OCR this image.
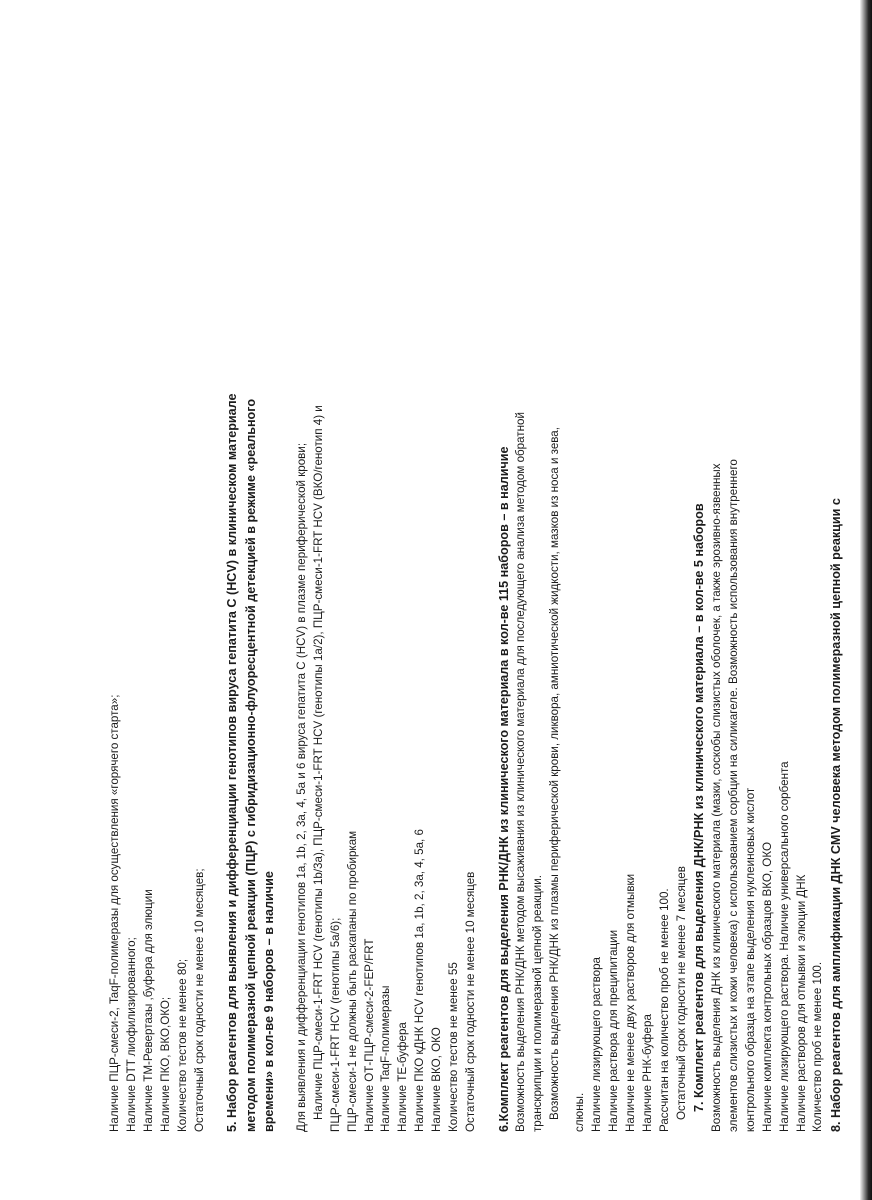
Наличие ПЦР-смеси-2, TaqF-полимеразы для осуществления «горячего старта»; Наличие DTT лиофилизированного; Наличие ТМ-Ревертазы ,буфера для элюции Наличие ПКО, ВКО,ОКО; Количество тестов не менее 80; Остаточный срок годности не менее 10 месяцев; 5. Набор реагентов для выявления и дифференциации генотипов вируса гепатита С (HCV) в клиническом материале методом полимеразной цепной реакции (ПЦР) с гибридизационно-флуоресцентной детекцией в режиме «реального времени» в кол-ве 9 наборов – в наличие Для выявления и дифференциации генотипов 1a, 1b, 2, 3a, 4, 5a и 6 вируса гепатита С (HCV) в плазме периферической крови; Наличие ПЦР-смеси-1-FRT HCV (генотипы 1b/3a), ПЦР-смеси-1-FRT HCV (генотипы 1a/2), ПЦР-смеси-1-FRT HCV (ВКО/генотип 4) и ПЦР-смеси-1-FRT HCV (генотипы 5a/6); ПЦР-смеси-1 не должны быть раскапаны по пробиркам Наличие ОТ-ПЦР-смеси-2-FEP/FRT Наличие TaqF-полимеразы Наличие ТЕ-буфера Наличие ПКО кДНК HCV генотипов 1a, 1b, 2, 3a, 4, 5a, 6 Наличие ВКО, ОКО Количество тестов не менее 55 Остаточный срок годности не менее 10 месяцев 6.Комплект реагентов для выделения РНК/ДНК из клинического материала в кол-ве 115 наборов – в наличие Возможность выделения РНК/ДНК методом высаживания из клинического материала для последующего анализа методом обратной транскрипции и полимеразной цепной реакции. Возможность выделения РНК/ДНК из плазмы периферической крови, ликвора, амниотической жидкости, мазков из носа и зева, слюны. Наличие лизирующего раствора Наличие раствора для преципитации Наличие не менее двух растворов для отмывки Наличие РНК-буфера Рассчитан на количество проб не менее 100. Остаточный срок годности не менее 7 месяцев 7. Комплект реагентов для выделения ДНК/РНК из клинического материала – в кол-ве 5 наборов Возможность выделения ДНК из клинического материала (мазки, соскобы слизистых оболочек, а также эрозивно-язвенных элементов слизистых и кожи человека) с использованием сорбции на силикагеле. Возможность использования внутреннего контрольного образца на этапе выделения нуклеиновых кислот Наличие комплекта контрольных образцов ВКО, ОКО Наличие лизирующего раствора. Наличие универсального сорбента Наличие растворов для отмывки и элюции ДНК Количество проб не менее 100. 8. Набор реагентов для амплификации ДНК CMV человека методом полимеразной цепной реакции с
